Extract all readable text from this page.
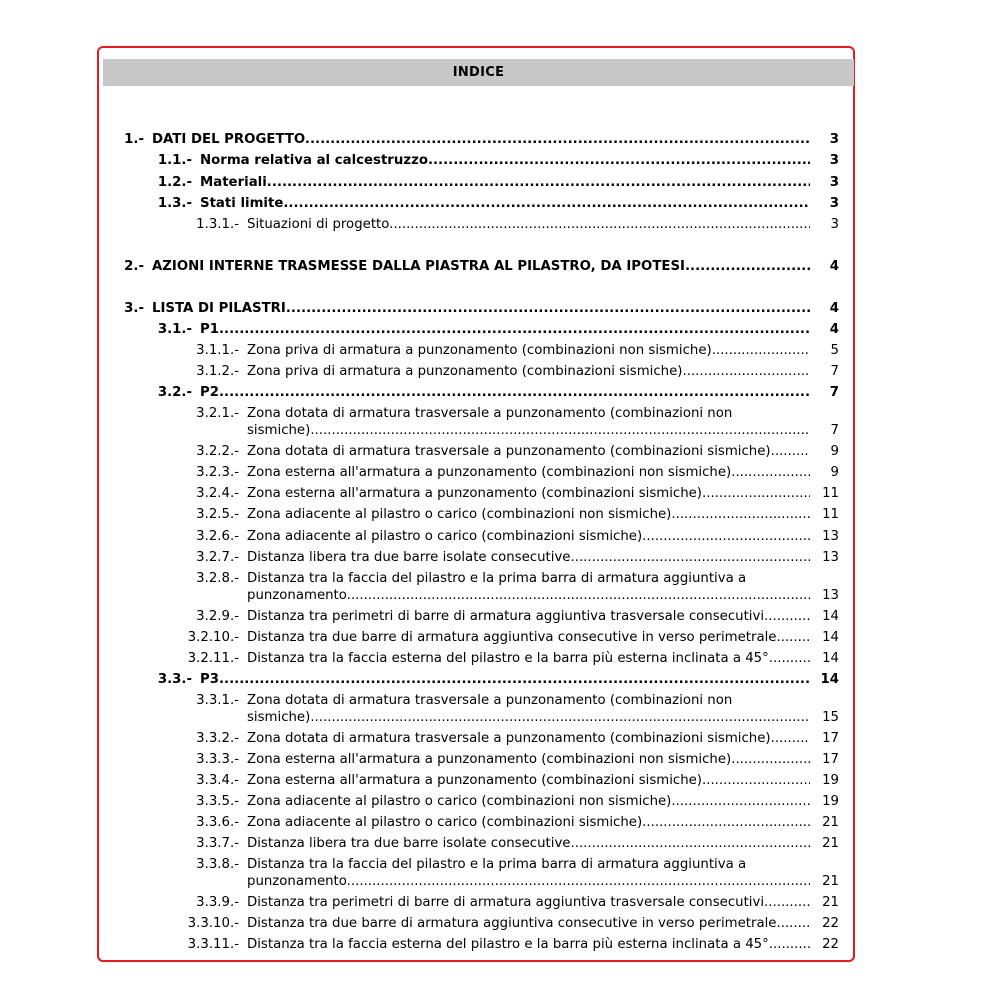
INDICE
1.- DATI DEL PROGETTO .....	3
1.1.- Norma relativa al calcestruzzo .....	3
1.2.- Materiali .....	3
1.3.- Stati limite .....	3
1.3.1.- Situazioni di progetto .....	3
2.- AZIONI INTERNE TRASMESSE DALLA PIASTRA AL PILASTRO, DA IPOTESI .....	4
3.- LISTA DI PILASTRI .....	4
3.1.- P1 .....	4
3.1.1.- Zona priva di armatura a punzonamento (combinazioni non sismiche) .....	5
3.1.2.- Zona priva di armatura a punzonamento (combinazioni sismiche) .....	7
3.2.- P2 .....	7
3.2.1.- Zona dotata di armatura trasversale a punzonamento (combinazioni non
sismiche) .....	7
3.2.2.- Zona dotata di armatura trasversale a punzonamento (combinazioni sismiche) .....	9
3.2.3.- Zona esterna all'armatura a punzonamento (combinazioni non sismiche) .....	9
3.2.4.- Zona esterna all'armatura a punzonamento (combinazioni sismiche) .....	11
3.2.5.- Zona adiacente al pilastro o carico (combinazioni non sismiche) .....	11
3.2.6.- Zona adiacente al pilastro o carico (combinazioni sismiche) .....	13
3.2.7.- Distanza libera tra due barre isolate consecutive .....	13
3.2.8.- Distanza tra la faccia del pilastro e la prima barra di armatura aggiuntiva a
punzonamento .....	13
3.2.9.- Distanza tra perimetri di barre di armatura aggiuntiva trasversale consecutivi .....	14
3.2.10.- Distanza tra due barre di armatura aggiuntiva consecutive in verso perimetrale .....	14
3.2.11.- Distanza tra la faccia esterna del pilastro e la barra più esterna inclinata a 45° .....	14
3.3.- P3 .....	14
3.3.1.- Zona dotata di armatura trasversale a punzonamento (combinazioni non
sismiche) .....	15
3.3.2.- Zona dotata di armatura trasversale a punzonamento (combinazioni sismiche) .....	17
3.3.3.- Zona esterna all'armatura a punzonamento (combinazioni non sismiche) .....	17
3.3.4.- Zona esterna all'armatura a punzonamento (combinazioni sismiche) .....	19
3.3.5.- Zona adiacente al pilastro o carico (combinazioni non sismiche) .....	19
3.3.6.- Zona adiacente al pilastro o carico (combinazioni sismiche) .....	21
3.3.7.- Distanza libera tra due barre isolate consecutive .....	21
3.3.8.- Distanza tra la faccia del pilastro e la prima barra di armatura aggiuntiva a
punzonamento .....	21
3.3.9.- Distanza tra perimetri di barre di armatura aggiuntiva trasversale consecutivi .....	21
3.3.10.- Distanza tra due barre di armatura aggiuntiva consecutive in verso perimetrale .....	22
3.3.11.- Distanza tra la faccia esterna del pilastro e la barra più esterna inclinata a 45° .....	22
